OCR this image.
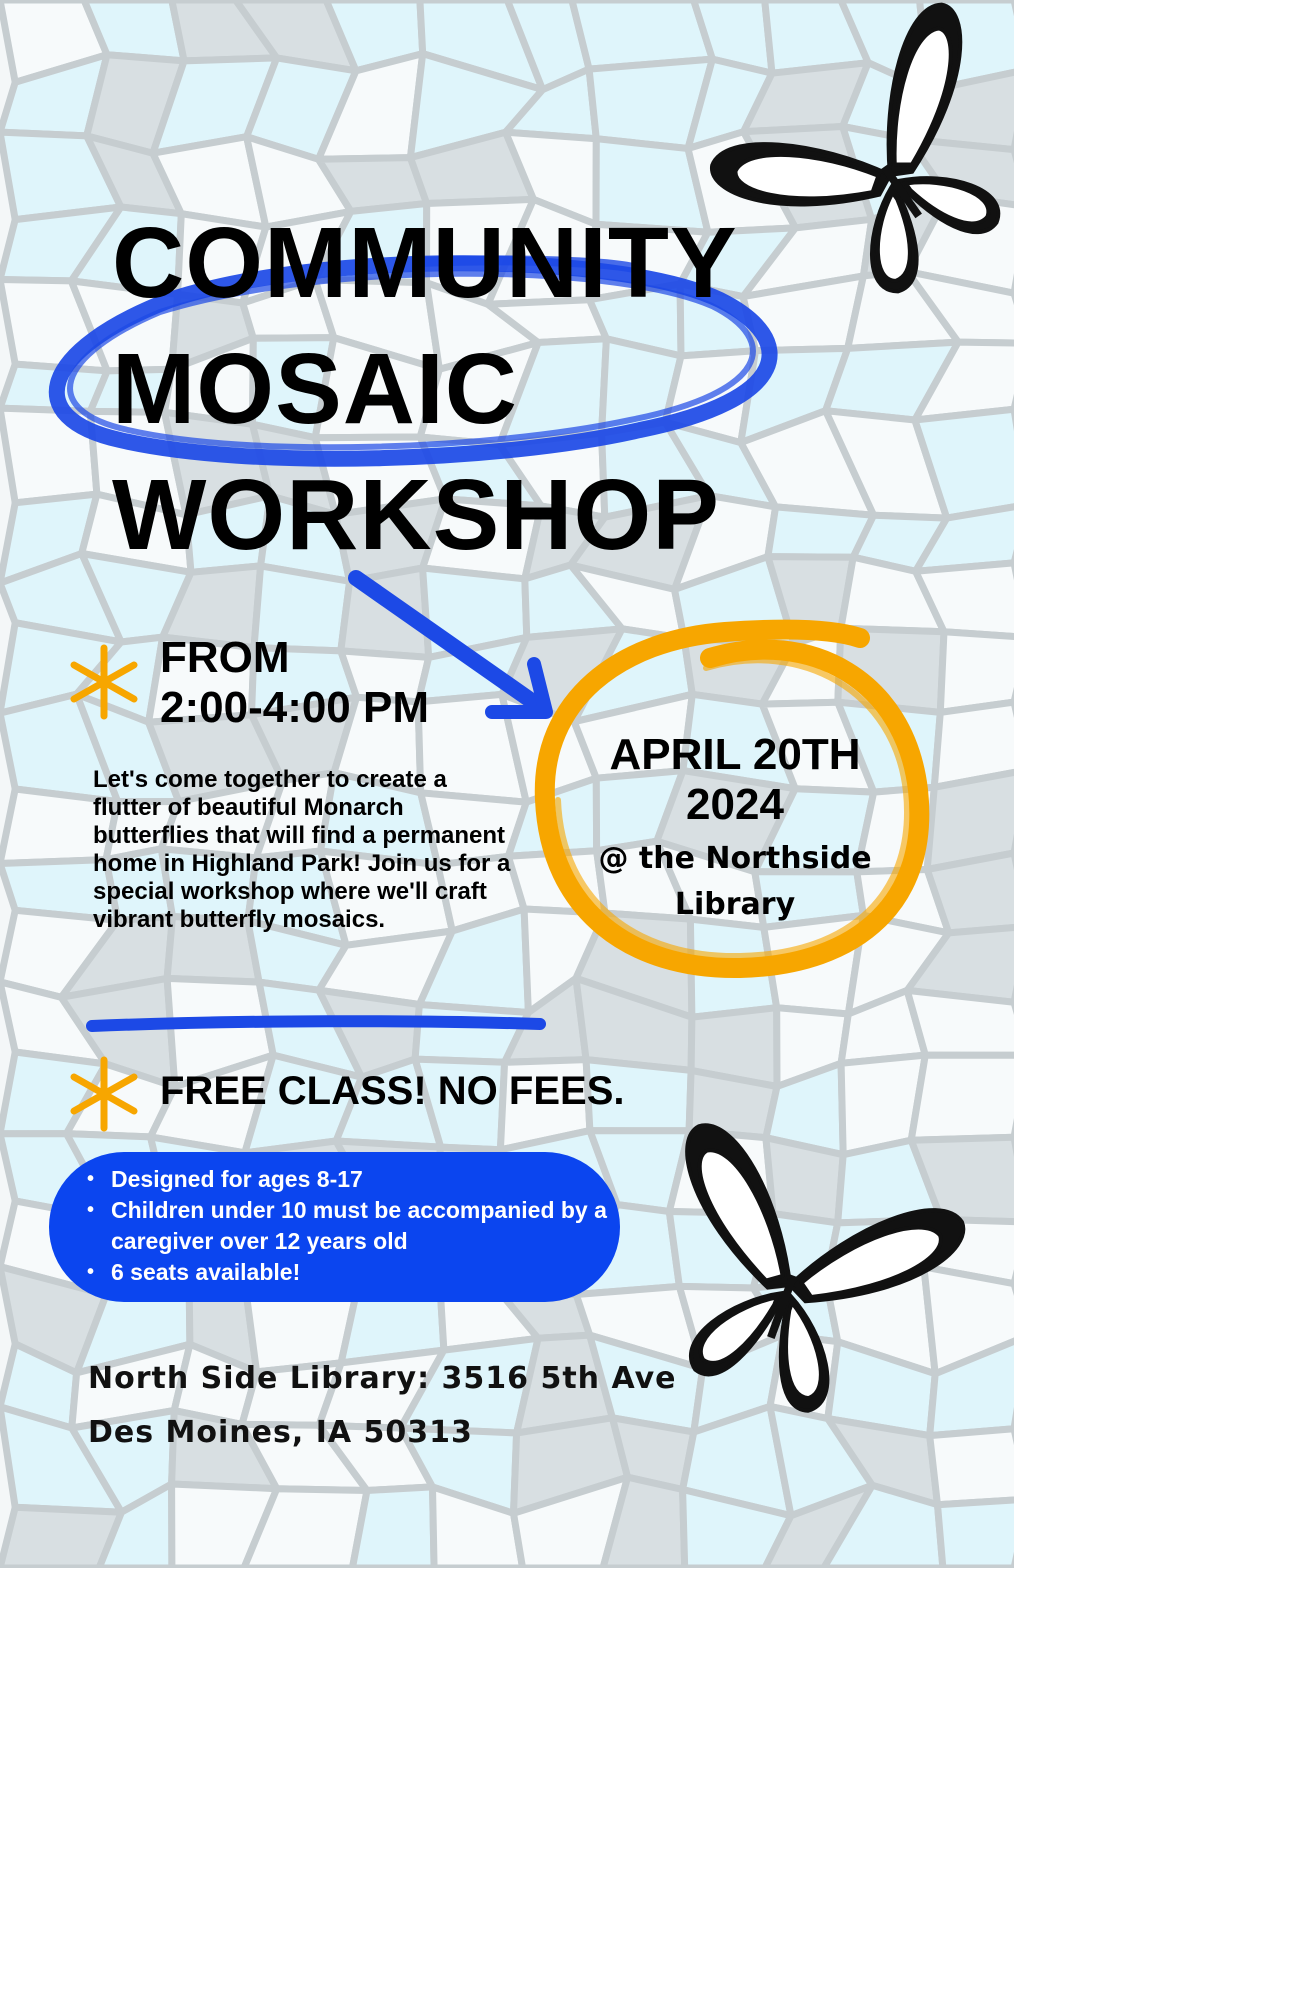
COMMUNITY
MOSAIC
WORKSHOP
FROM
2:00-4:00 PM
Let's come together to create a flutter of beautiful Monarch butterflies that will find a permanent home in Highland Park! Join us for a special workshop where we'll craft vibrant butterfly mosaics.
APRIL 20TH
2024
@ the Northside
Library
FREE CLASS! NO FEES.
• Designed for ages 8-17
• Children under 10 must be accompanied by a caregiver over 12 years old
• 6 seats available!
North Side Library: 3516 5th Ave
Des Moines, IA 50313
